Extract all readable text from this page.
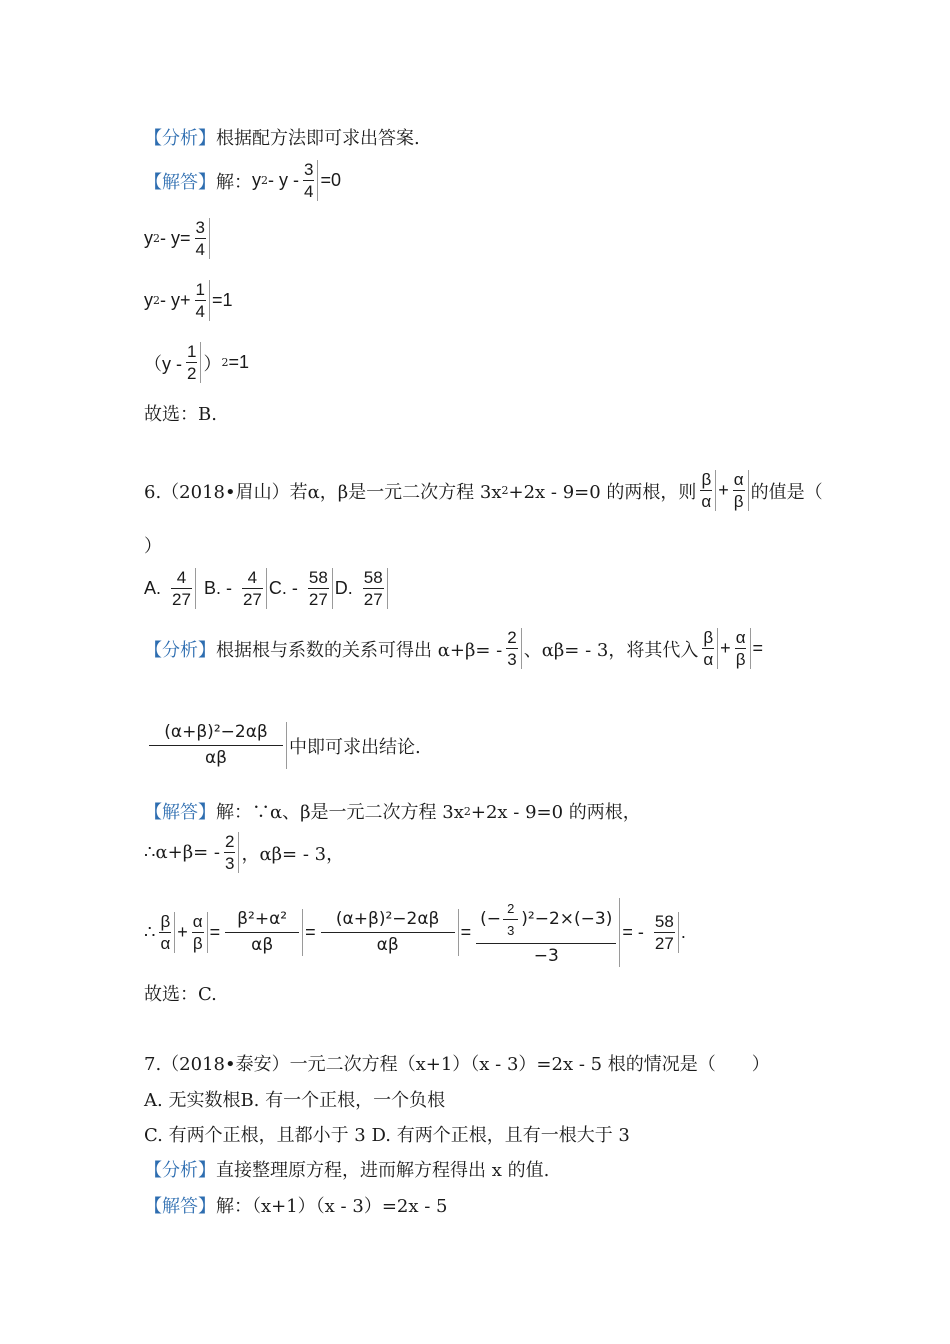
【分析】 根据配方法即可求出答案.
【解答】 解： y 2 ‑ y ‑ $\frac{3}{4} =0$
y 2 ‑ $y= \frac{3}{4}$
y 2 ‑ $y+ \frac{1}{4} =1$
（y ‑ $\frac{1}{2}$ ） 2 =1
故选：B.
6.（2018•眉山）若α，β是一元二次方程 3x 2 +2x ‑ 9=0 的两根，则 $\frac{\beta}{\alpha} + \frac{\alpha}{\beta}$ 的值是（
）
A. $\frac{4}{27} B$. ‑ $\frac{4}{27} C$. ‑ $\frac{58}{27} D$. $\frac{58}{27}$
【分析】 根据根与系数的关系可得出 α+β= ‑ $\frac{2}{3}$ 、αβ= ‑ 3，将其代入 $\frac{\beta}{\alpha} + \frac{\alpha}{\beta}$ =
$\frac{\text{(α+β)²−2αβ}}{\alpha\beta}$ 中即可求出结论.
【解答】 解：∵α、β是一元二次方程 3x 2 +2x ‑ 9=0 的两根，
∴α+β= ‑ $\frac{2}{3}$ ，αβ= ‑ 3，
∴ $\frac{\beta}{\alpha} + \frac{\alpha}{\beta} = \frac{\text{β²+α²}}{\alpha\beta} = \frac{\text{(α+β)²−2αβ}}{\alpha\beta} = \frac{(- \frac{2}{3} )^2-2\times(-3)}{-3}$ = ‑ $\frac{58}{27}$ .
故选：C.
7.（2018•泰安）一元二次方程（x+1）（x ‑ 3）=2x ‑ 5 根的情况是（　　）
A. 无实数根B. 有一个正根，一个负根
C. 有两个正根，且都小于 3 D. 有两个正根，且有一根大于 3
【分析】 直接整理原方程，进而解方程得出 x 的值.
【解答】 解：（x+1）（x ‑ 3）=2x ‑ 5
